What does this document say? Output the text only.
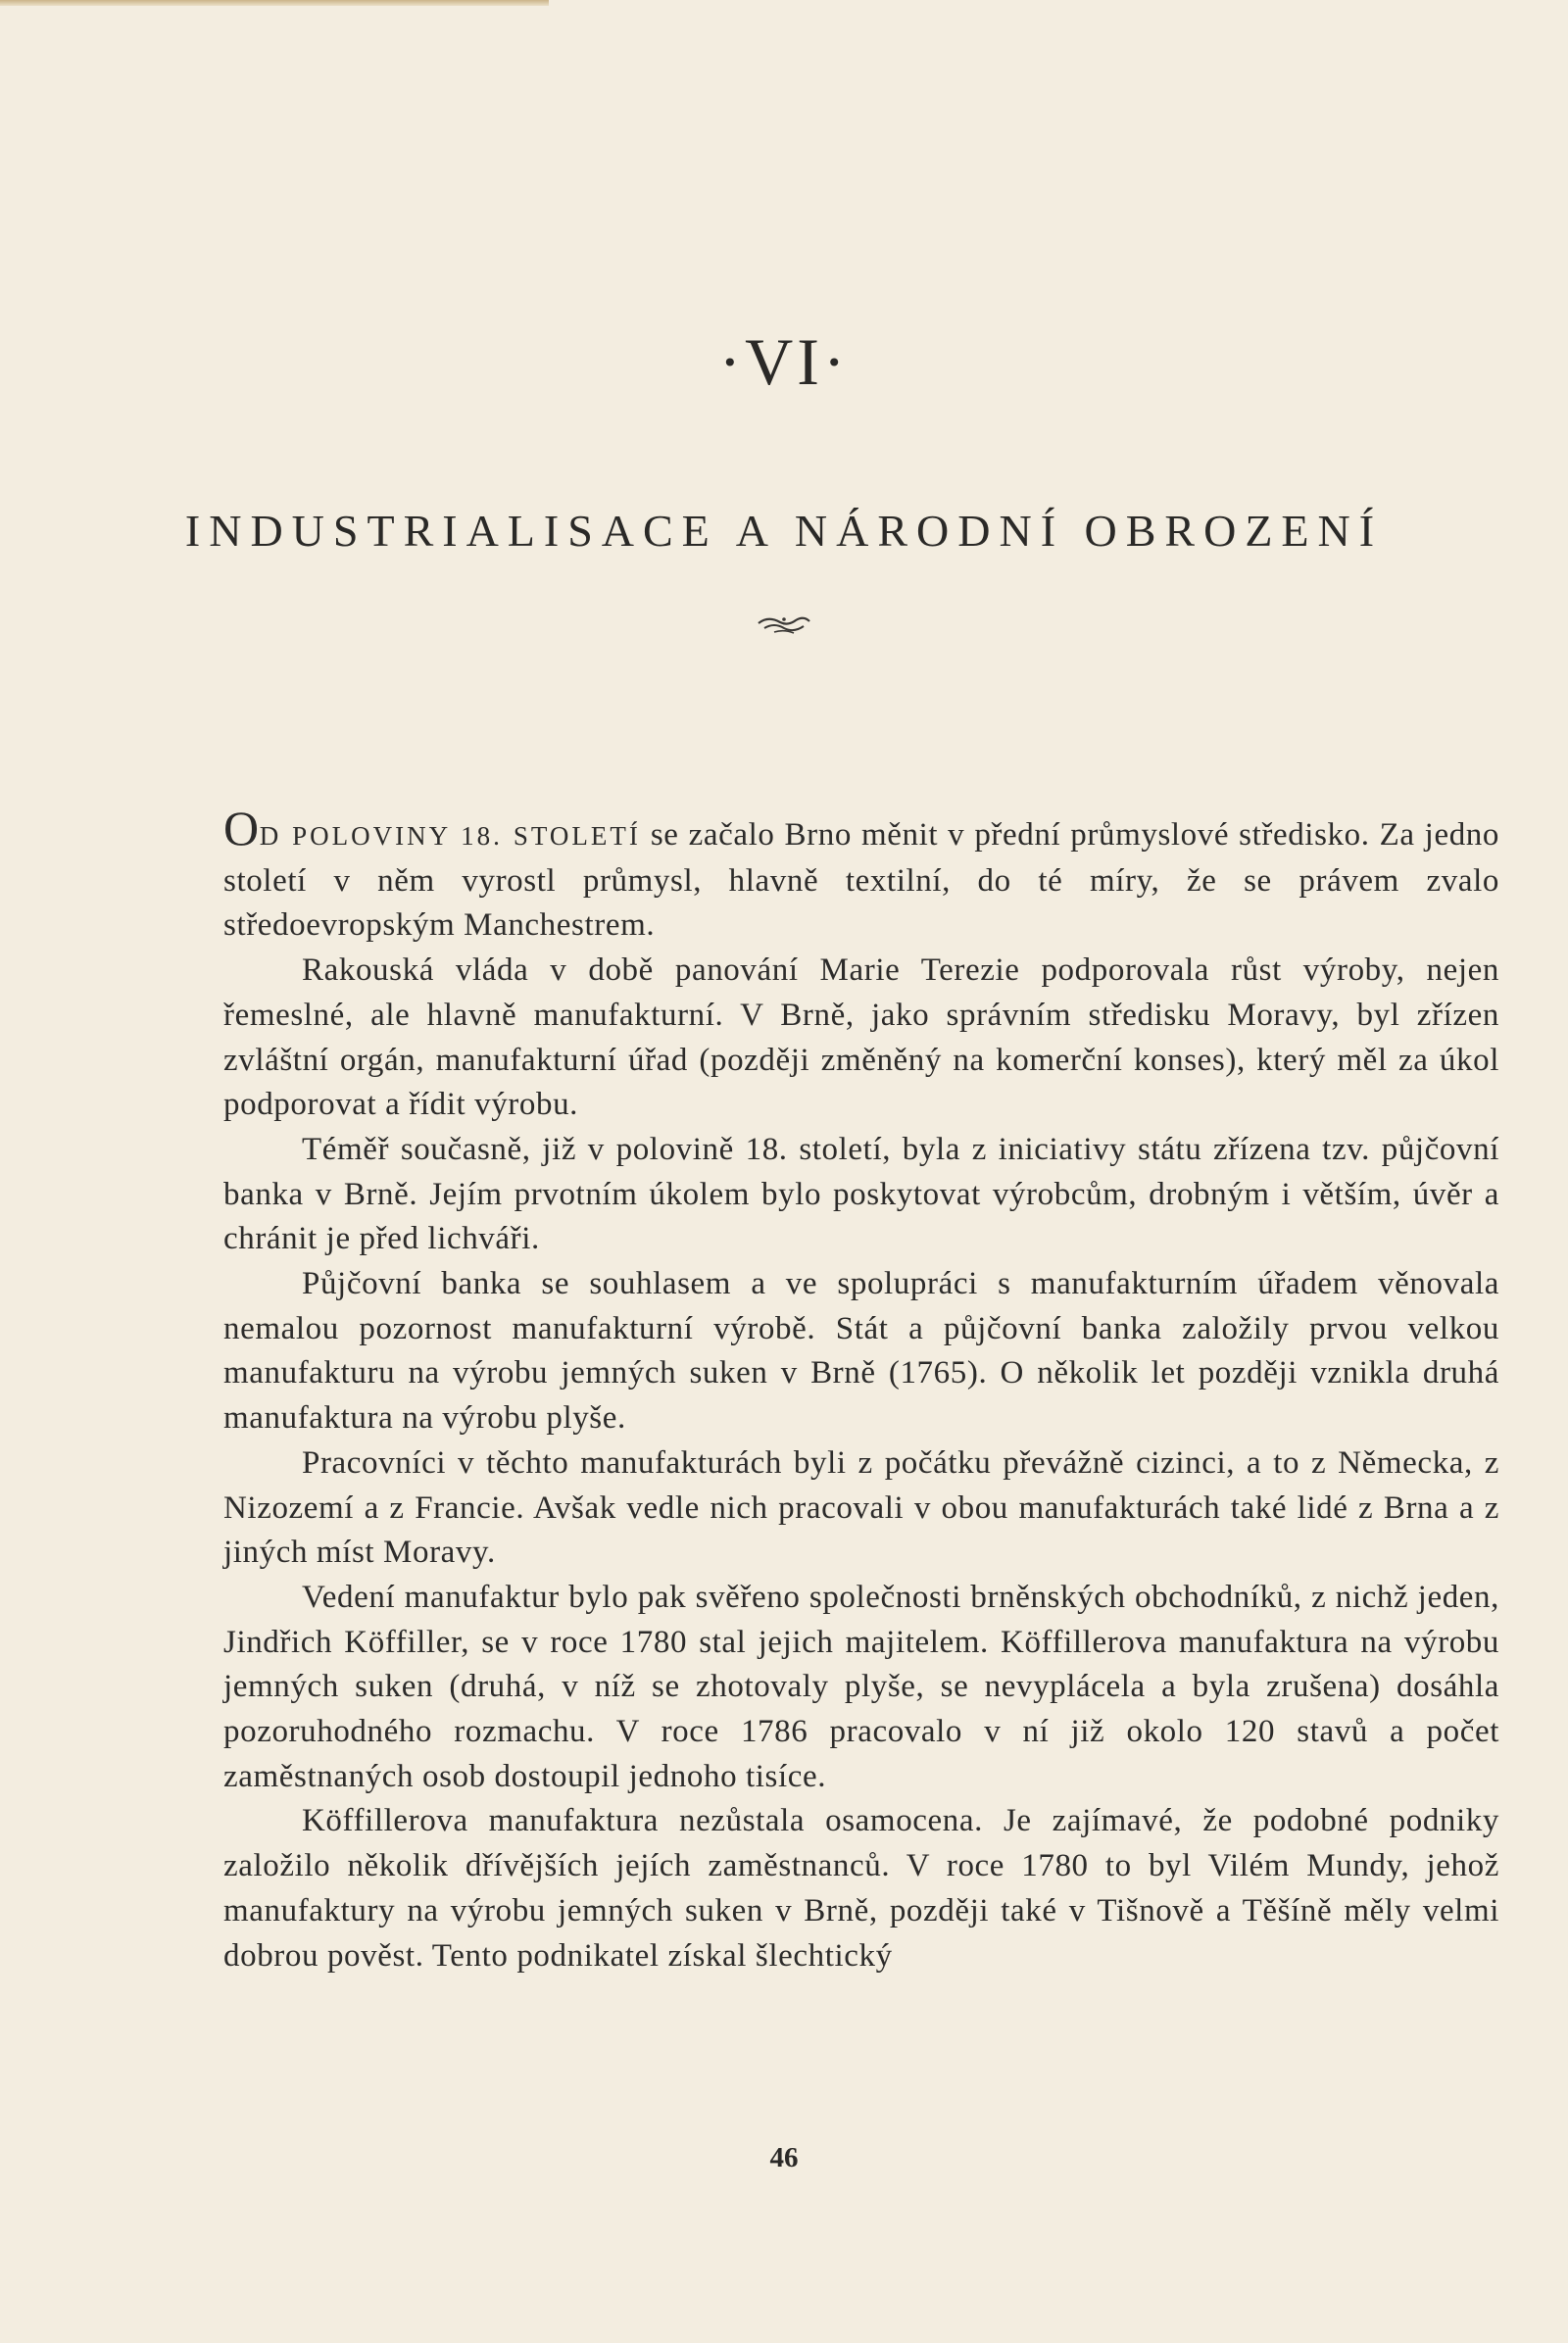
·VI·
INDUSTRIALISACE A NÁRODNÍ OBROZENÍ

OD POLOVINY 18. STOLETÍ se začalo Brno měnit v přední průmyslové středisko. Za jedno století v něm vyrostl průmysl, hlavně textilní, do té míry, že se právem zvalo středoevropským Manchestrem.

Rakouská vláda v době panování Marie Terezie podporovala růst výroby, nejen řemeslné, ale hlavně manufakturní. V Brně, jako správním středisku Moravy, byl zřízen zvláštní orgán, manufakturní úřad (později změněný na komerční konses), který měl za úkol podporovat a řídit výrobu.

Téměř současně, již v polovině 18. století, byla z iniciativy státu zřízena tzv. půjčovní banka v Brně. Jejím prvotním úkolem bylo poskytovat výrobcům, drobným i větším, úvěr a chránit je před lichváři.

Půjčovní banka se souhlasem a ve spolupráci s manufakturním úřadem věnovala nemalou pozornost manufakturní výrobě. Stát a půjčovní banka založily prvou velkou manufakturu na výrobu jemných suken v Brně (1765). O několik let později vznikla druhá manufaktura na výrobu plyše.

Pracovníci v těchto manufakturách byli z počátku převážně cizinci, a to z Německa, z Nizozemí a z Francie. Avšak vedle nich pracovali v obou manufakturách také lidé z Brna a z jiných míst Moravy.

Vedení manufaktur bylo pak svěřeno společnosti brněnských obchodníků, z nichž jeden, Jindřich Köffiller, se v roce 1780 stal jejich majitelem. Köffillerova manufaktura na výrobu jemných suken (druhá, v níž se zhotovaly plyše, se nevyplácela a byla zrušena) dosáhla pozoruhodného rozmachu. V roce 1786 pracovalo v ní již okolo 120 stavů a počet zaměstnaných osob dostoupil jednoho tisíce.

Köffillerova manufaktura nezůstala osamocena. Je zajímavé, že podobné podniky založilo několik dřívějších jejích zaměstnanců. V roce 1780 to byl Vilém Mundy, jehož manufaktury na výrobu jemných suken v Brně, později také v Tišnově a Těšíně měly velmi dobrou pověst. Tento podnikatel získal šlechtický

46
